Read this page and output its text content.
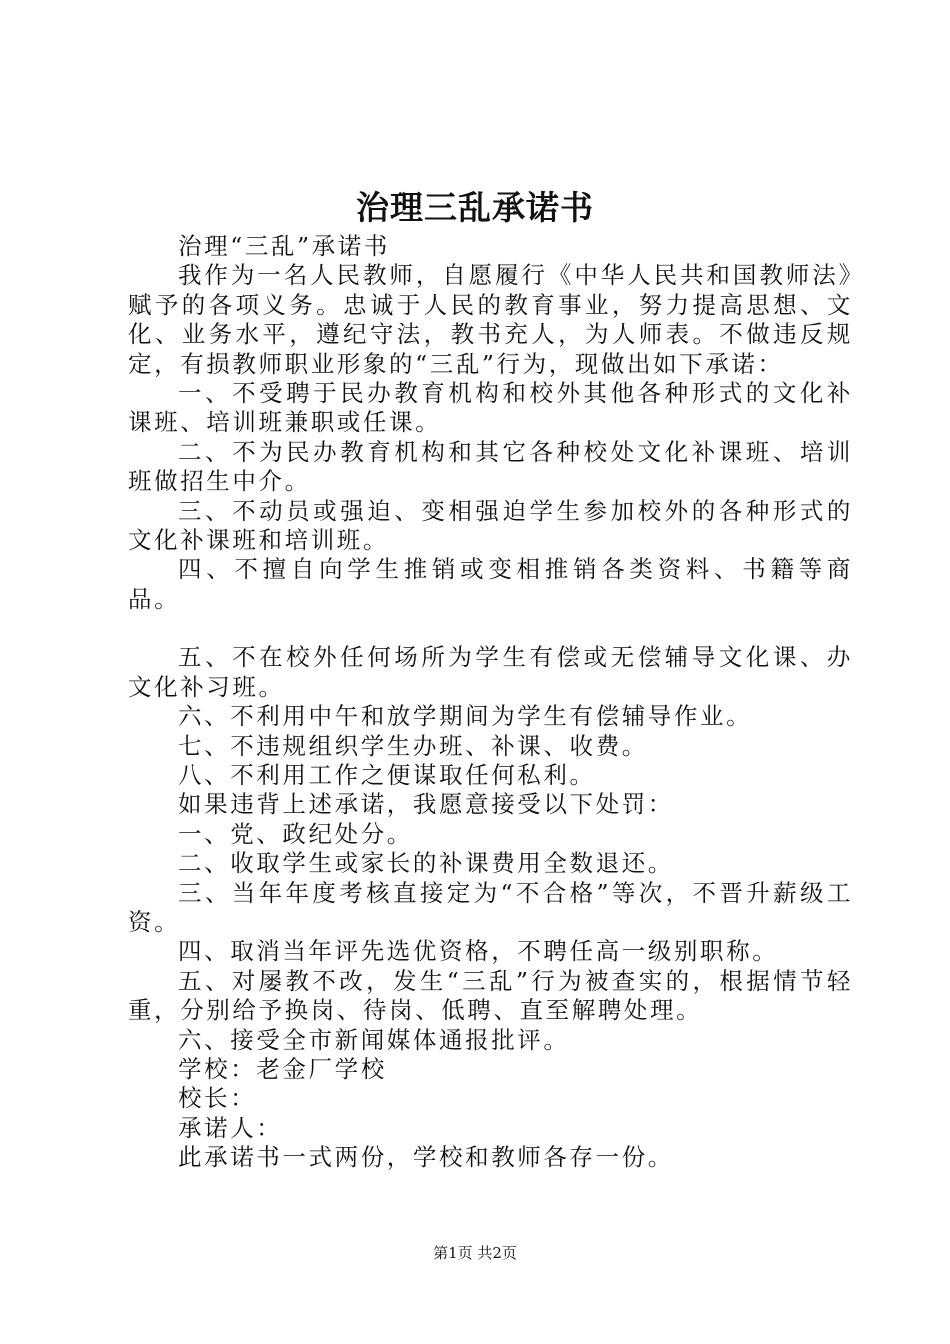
治理三乱承诺书

治理“三乱”承诺书

我作为一名人民教师，自愿履行《中华人民共和国教师法》赋予的各项义务。忠诚于人民的教育事业，努力提高思想、文化、业务水平，遵纪守法，教书充人，为人师表。不做违反规定，有损教师职业形象的“三乱”行为，现做出如下承诺：

一、不受聘于民办教育机构和校外其他各种形式的文化补课班、培训班兼职或任课。

二、不为民办教育机构和其它各种校处文化补课班、培训班做招生中介。

三、不动员或强迫、变相强迫学生参加校外的各种形式的文化补课班和培训班。

四、不擅自向学生推销或变相推销各类资料、书籍等商品。

五、不在校外任何场所为学生有偿或无偿辅导文化课、办文化补习班。

六、不利用中午和放学期间为学生有偿辅导作业。

七、不违规组织学生办班、补课、收费。

八、不利用工作之便谋取任何私利。

如果违背上述承诺，我愿意接受以下处罚：

一、党、政纪处分。

二、收取学生或家长的补课费用全数退还。

三、当年年度考核直接定为“不合格”等次，不晋升薪级工资。

四、取消当年评先选优资格，不聘任高一级别职称。

五、对屡教不改，发生“三乱”行为被查实的，根据情节轻重，分别给予换岗、待岗、低聘、直至解聘处理。

六、接受全市新闻媒体通报批评。

学校：老金厂学校

校长：

承诺人：

此承诺书一式两份，学校和教师各存一份。

第1页 共2页
